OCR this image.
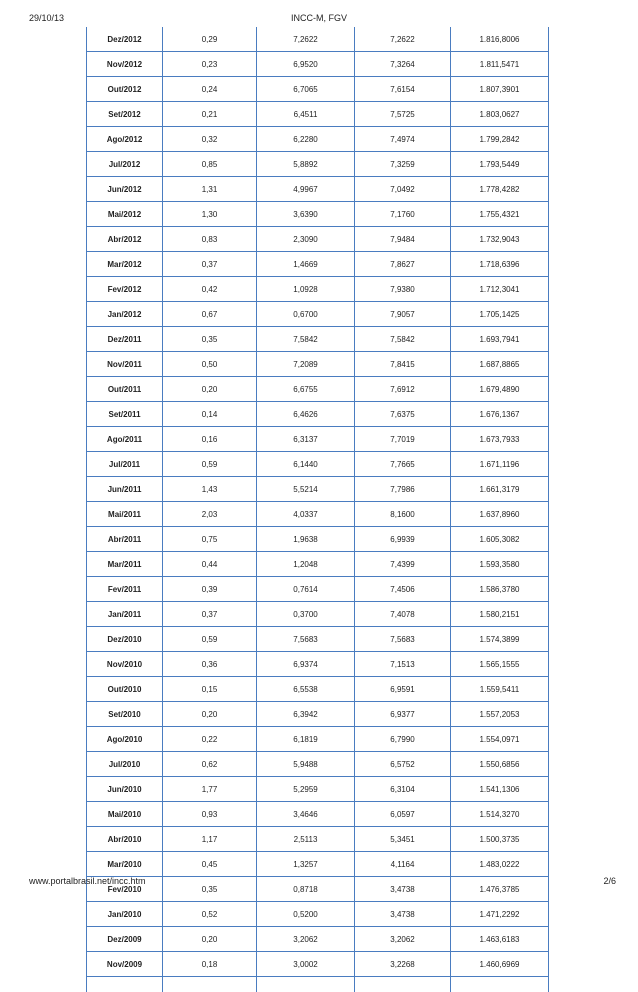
29/10/13	INCC-M, FGV
Dez/2012	0,29	7,2622	7,2622	1.816,8006
Nov/2012	0,23	6,9520	7,3264	1.811,5471
Out/2012	0,24	6,7065	7,6154	1.807,3901
Set/2012	0,21	6,4511	7,5725	1.803,0627
Ago/2012	0,32	6,2280	7,4974	1.799,2842
Jul/2012	0,85	5,8892	7,3259	1.793,5449
Jun/2012	1,31	4,9967	7,0492	1.778,4282
Mai/2012	1,30	3,6390	7,1760	1.755,4321
Abr/2012	0,83	2,3090	7,9484	1.732,9043
Mar/2012	0,37	1,4669	7,8627	1.718,6396
Fev/2012	0,42	1,0928	7,9380	1.712,3041
Jan/2012	0,67	0,6700	7,9057	1.705,1425
Dez/2011	0,35	7,5842	7,5842	1.693,7941
Nov/2011	0,50	7,2089	7,8415	1.687,8865
Out/2011	0,20	6,6755	7,6912	1.679,4890
Set/2011	0,14	6,4626	7,6375	1.676,1367
Ago/2011	0,16	6,3137	7,7019	1.673,7933
Jul/2011	0,59	6,1440	7,7665	1.671,1196
Jun/2011	1,43	5,5214	7,7986	1.661,3179
Mai/2011	2,03	4,0337	8,1600	1.637,8960
Abr/2011	0,75	1,9638	6,9939	1.605,3082
Mar/2011	0,44	1,2048	7,4399	1.593,3580
Fev/2011	0,39	0,7614	7,4506	1.586,3780
Jan/2011	0,37	0,3700	7,4078	1.580,2151
Dez/2010	0,59	7,5683	7,5683	1.574,3899
Nov/2010	0,36	6,9374	7,1513	1.565,1555
Out/2010	0,15	6,5538	6,9591	1.559,5411
Set/2010	0,20	6,3942	6,9377	1.557,2053
Ago/2010	0,22	6,1819	6,7990	1.554,0971
Jul/2010	0,62	5,9488	6,5752	1.550,6856
Jun/2010	1,77	5,2959	6,3104	1.541,1306
Mai/2010	0,93	3,4646	6,0597	1.514,3270
Abr/2010	1,17	2,5113	5,3451	1.500,3735
Mar/2010	0,45	1,3257	4,1164	1.483,0222
Fev/2010	0,35	0,8718	3,4738	1.476,3785
Jan/2010	0,52	0,5200	3,4738	1.471,2292
Dez/2009	0,20	3,2062	3,2062	1.463,6183
Nov/2009	0,18	3,0002	3,2268	1.460,6969

www.portalbrasil.net/incc.htm	2/6
